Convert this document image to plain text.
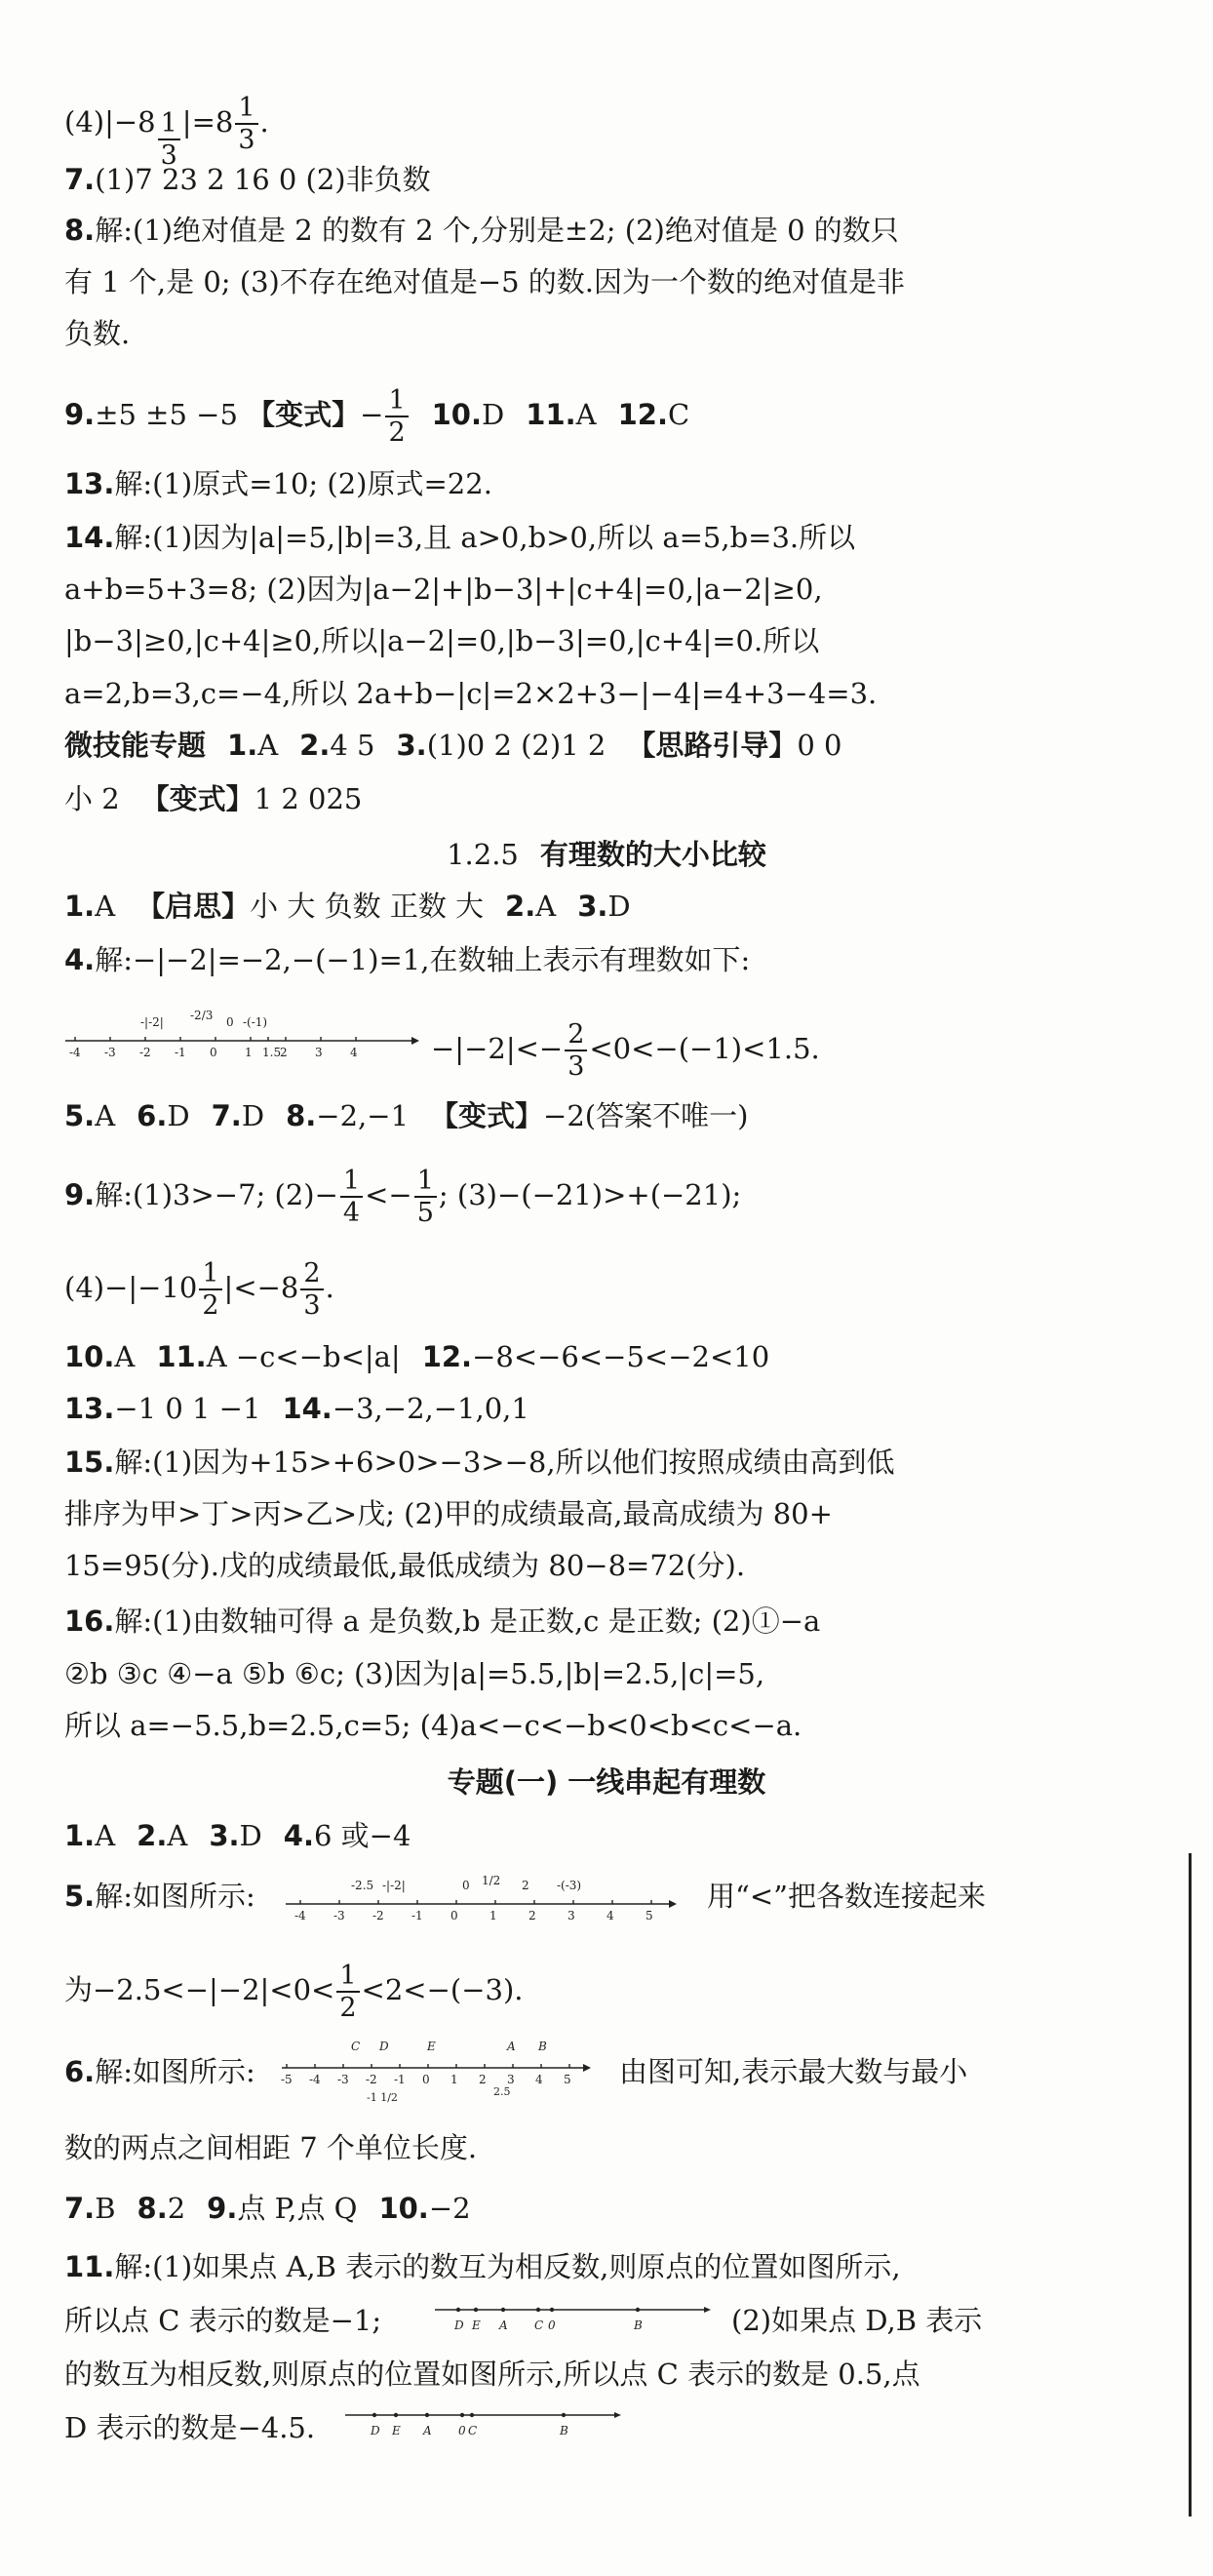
$(4)|-8 \frac{1}{3} |=8 \frac{1}{3}$ .
7.(1)7 23 2 16 0 (2)非负数
8.解:(1)绝对值是 2 的数有 2 个,分别是±2; (2)绝对值是 0 的数只
有 1 个,是 0; (3)不存在绝对值是−5 的数.因为一个数的绝对值是非
负数.
9.±5 ±5 −5 【变式】− $\frac{1}{2} 10.D$ 11.A 12.C
13.解:(1)原式=10; (2)原式=22.
14.解:(1)因为|a|=5,|b|=3,且 a>0,b>0,所以 a=5,b=3.所以
a+b=5+3=8; (2)因为|a−2|+|b−3|+|c+4|=0,|a−2|≥0,
|b−3|≥0,|c+4|≥0,所以|a−2|=0,|b−3|=0,|c+4|=0.所以
a=2,b=3,c=−4,所以 2a+b−|c|=2×2+3−|−4|=4+3−4=3.
微技能专题 1.A 2.4 5 3.(1)0 2 (2)1 2 【思路引导】0 0
小 2 【变式】1 2 025
1.2.5 有理数的大小比较
1.A 【启思】小 大 负数 正数 大 2.A 3.D
4.解:−|−2|=−2,−(−1)=1,在数轴上表示有理数如下:
-4 -3 -2 -1 0 1 1.5
2 3 4
-|-2| -2/3 0 -(-1)
$-|-2|<- \frac{2}{3} <0<-(-1)<1.5$.
5.A 6.D 7.D 8.−2,−1 【变式】−2(答案不唯一)
9.解:(1)3>−7; $(2)- \frac{1}{4} <- \frac{1}{5}$ ; (3)−(−21)>+(−21);
$(4)-|-10 \frac{1}{2} |<-8 \frac{2}{3}$ .
10.A 11.A −c<−b<|a| 12.−8<−6<−5<−2<10
13.−1 0 1 −1 14.−3,−2,−1,0,1
15.解:(1)因为+15>+6>0>−3>−8,所以他们按照成绩由高到低
排序为甲>丁>丙>乙>戊; (2)甲的成绩最高,最高成绩为 80+
15=95(分).戊的成绩最低,最低成绩为 80−8=72(分).
16.解:(1)由数轴可得 a 是负数,b 是正数,c 是正数; (2)①−a
②b ③c ④−a ⑤b ⑥c; (3)因为|a|=5.5,|b|=2.5,|c|=5,
所以 a=−5.5,b=2.5,c=5; (4)a<−c<−b<0<b<c<−a.
专题(一) 一线串起有理数
1.A 2.A 3.D 4.6 或−4
5.解:如图所示:
-4 -3 -2 -1 0	1	2	3	4	5
-2.5 -|-2|	0 1/2 2 -(-3)	用“<”把各数连接起来
为$-2.5<-|-2|<0< \frac{1}{2} <2<-(-3)$.
6.解:如图所示: -5 -4 -3 -2 -1 0 1 2 3 4 5
C D	E	A B
-1 1/2	2.5
由图可知,表示最大数与最小
数的两点之间相距 7 个单位长度.
7.B 8.2 9.点 P,点 Q 10.−2
11.解:(1)如果点 A,B 表示的数互为相反数,则原点的位置如图所示,
所以点 C 表示的数是−1;	D E A C 0	B	(2)如果点 D,B 表示
的数互为相反数,则原点的位置如图所示,所以点 C 表示的数是 0.5,点
D 表示的数是−4.5.	D E A 0 C	B
